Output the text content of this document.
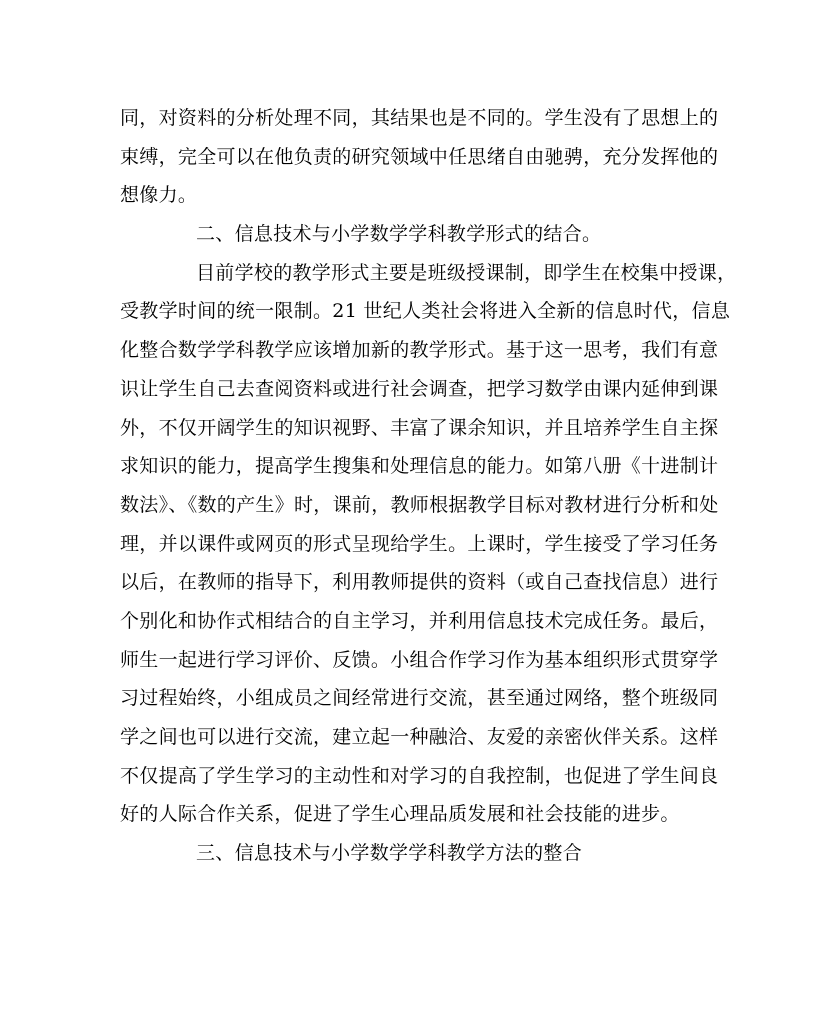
同，对资料的分析处理不同，其结果也是不同的。学生没有了思想上的
束缚，完全可以在他负责的研究领域中任思绪自由驰骋，充分发挥他的
想像力。
二、信息技术与小学数学学科教学形式的结合。
目前学校的教学形式主要是班级授课制，即学生在校集中授课，
受教学时间的统一限制。21 世纪人类社会将进入全新的信息时代，信息
化整合数学学科教学应该增加新的教学形式。基于这一思考，我们有意
识让学生自己去查阅资料或进行社会调查，把学习数学由课内延伸到课
外，不仅开阔学生的知识视野、丰富了课余知识，并且培养学生自主探
求知识的能力，提高学生搜集和处理信息的能力。如第八册《十进制计
数法》、《数的产生》时，课前，教师根据教学目标对教材进行分析和处
理，并以课件或网页的形式呈现给学生。上课时，学生接受了学习任务
以后，在教师的指导下，利用教师提供的资料（或自己查找信息）进行
个别化和协作式相结合的自主学习，并利用信息技术完成任务。最后，
师生一起进行学习评价、反馈。小组合作学习作为基本组织形式贯穿学
习过程始终，小组成员之间经常进行交流，甚至通过网络，整个班级同
学之间也可以进行交流，建立起一种融洽、友爱的亲密伙伴关系。这样
不仅提高了学生学习的主动性和对学习的自我控制，也促进了学生间良
好的人际合作关系，促进了学生心理品质发展和社会技能的进步。
三、信息技术与小学数学学科教学方法的整合
